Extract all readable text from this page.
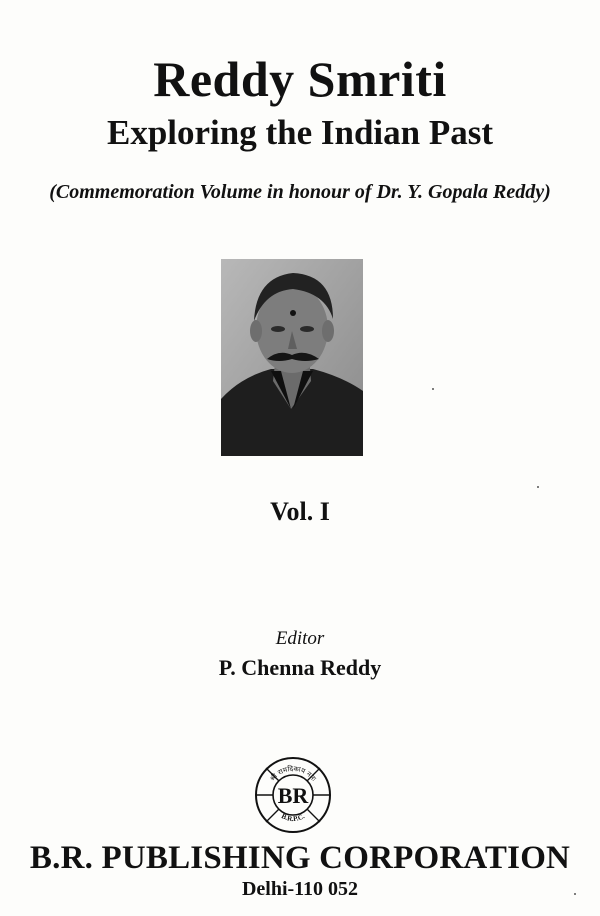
Reddy Smriti
Exploring the Indian Past
(Commemoration Volume in honour of Dr. Y. Gopala Reddy)
Vol. I
Editor
P. Chenna Reddy
श्री रामदिकाय नमः
B.R.P.C.
BR
B.R. PUBLISHING CORPORATION
Delhi-110 052
